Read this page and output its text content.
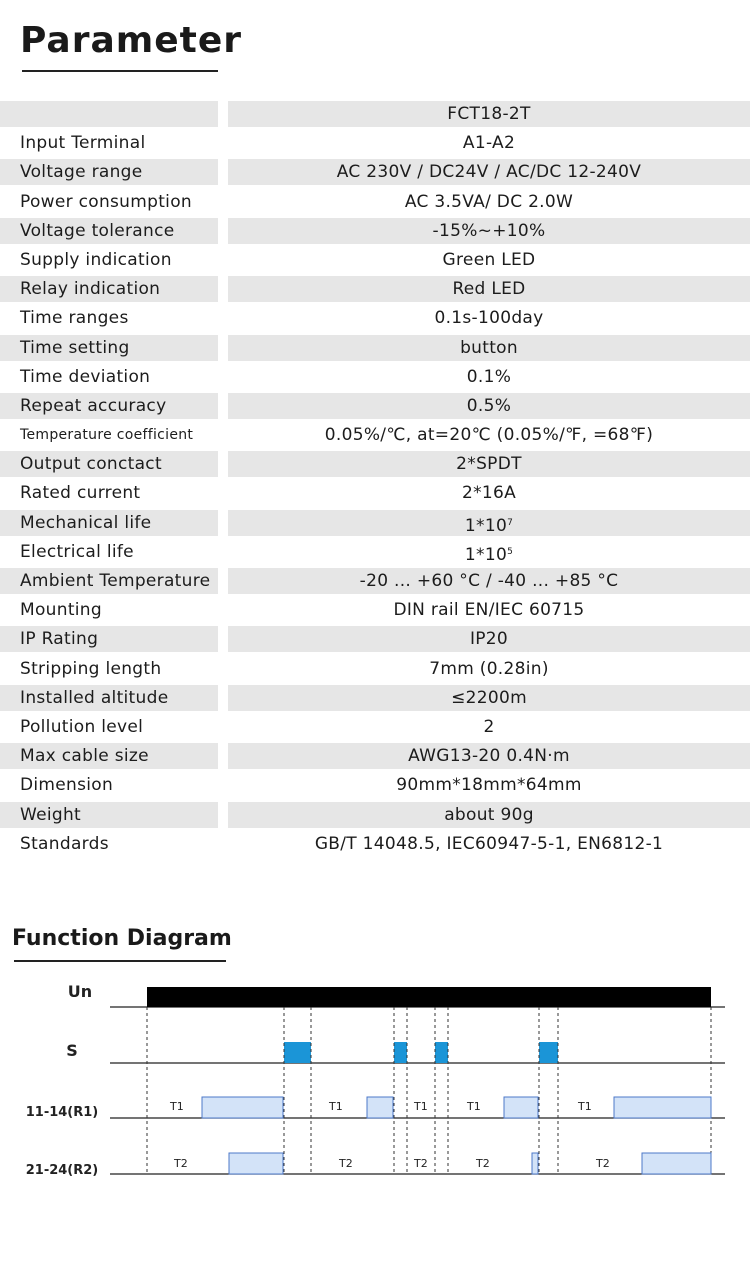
Parameter
FCT18-2T
Input Terminal	A1-A2
Voltage range	AC 230V / DC24V / AC/DC 12-240V
Power consumption	AC 3.5VA/ DC 2.0W
Voltage tolerance	-15%~+10%
Supply indication	Green LED
Relay indication	Red LED
Time ranges	0.1s-100day
Time setting	button
Time deviation	0.1%
Repeat accuracy	0.5%
Temperature coefficient	0.05%/℃, at=20℃ (0.05%/℉, =68℉)
Output conctact	2*SPDT
Rated current	2*16A
Mechanical life	$1*10^7$
Electrical life	$1*10^5$
Ambient Temperature	-20 ... +60 °C / -40 ... +85 °C
Mounting	DIN rail EN/IEC 60715
IP Rating	IP20
Stripping length	7mm (0.28in)
Installed altitude	≤2200m
Pollution level	2
Max cable size	AWG13-20 0.4N·m
Dimension	90mm*18mm*64mm
Weight	about 90g
Standards	GB/T 14048.5, IEC60947-5-1, EN6812-1
Function Diagram
Un
S
11-14(R1)
21-24(R2)
T1	T1	T1	T1	T1
T2	T2	T2	T2	T2
